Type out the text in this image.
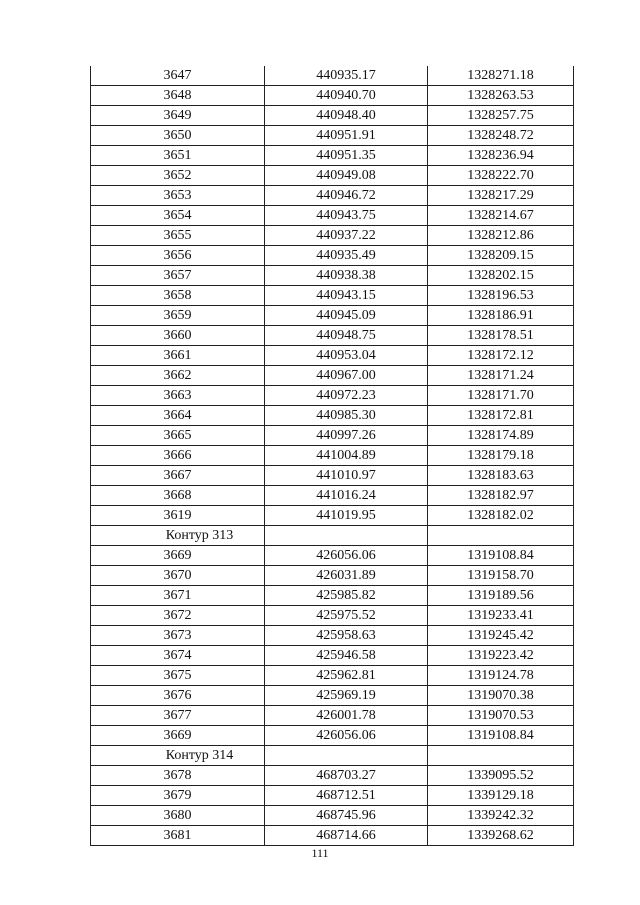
3647	440935.17	1328271.18
3648	440940.70	1328263.53
3649	440948.40	1328257.75
3650	440951.91	1328248.72
3651	440951.35	1328236.94
3652	440949.08	1328222.70
3653	440946.72	1328217.29
3654	440943.75	1328214.67
3655	440937.22	1328212.86
3656	440935.49	1328209.15
3657	440938.38	1328202.15
3658	440943.15	1328196.53
3659	440945.09	1328186.91
3660	440948.75	1328178.51
3661	440953.04	1328172.12
3662	440967.00	1328171.24
3663	440972.23	1328171.70
3664	440985.30	1328172.81
3665	440997.26	1328174.89
3666	441004.89	1328179.18
3667	441010.97	1328183.63
3668	441016.24	1328182.97
3619	441019.95	1328182.02
Контур 313		
3669	426056.06	1319108.84
3670	426031.89	1319158.70
3671	425985.82	1319189.56
3672	425975.52	1319233.41
3673	425958.63	1319245.42
3674	425946.58	1319223.42
3675	425962.81	1319124.78
3676	425969.19	1319070.38
3677	426001.78	1319070.53
3669	426056.06	1319108.84
Контур 314		
3678	468703.27	1339095.52
3679	468712.51	1339129.18
3680	468745.96	1339242.32
3681	468714.66	1339268.62
111
